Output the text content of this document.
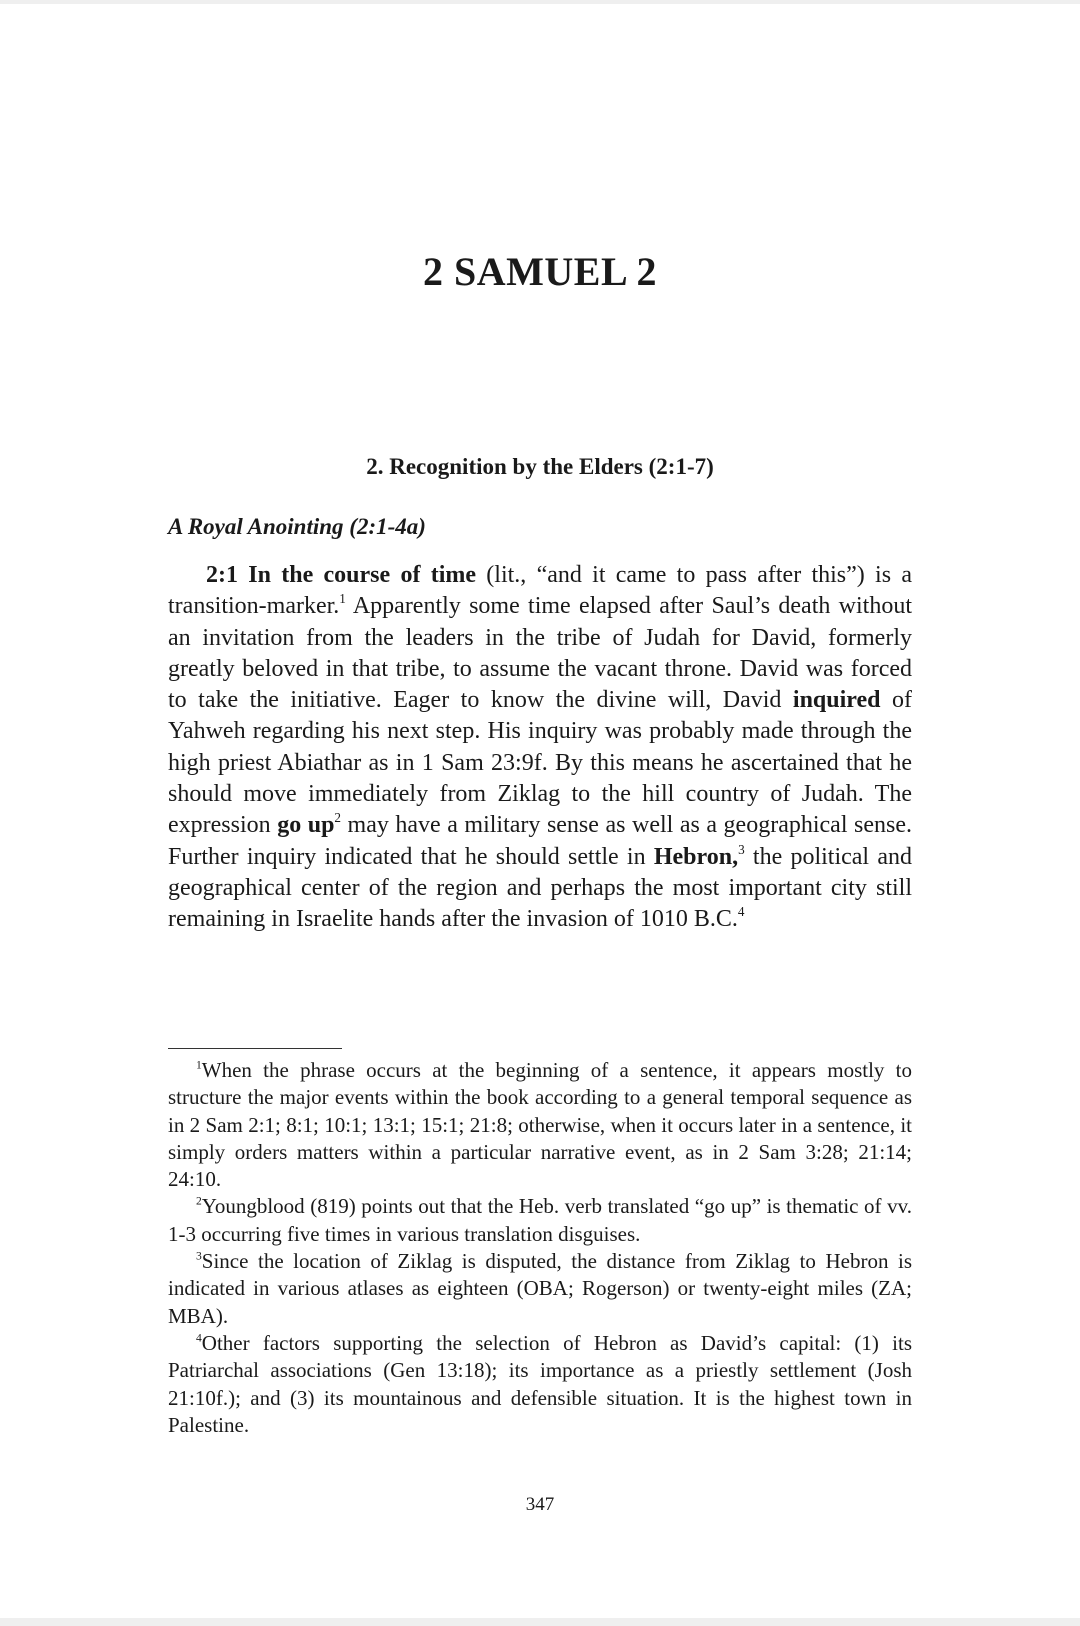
2 SAMUEL 2
2. Recognition by the Elders (2:1-7)
A Royal Anointing (2:1-4a)

2:1 In the course of time (lit., “and it came to pass after this”) is a transition-marker.$^1$ Apparently some time elapsed after Saul’s death without an invitation from the leaders in the tribe of Judah for David, formerly greatly beloved in that tribe, to assume the vacant throne. David was forced to take the initiative. Eager to know the divine will, David inquired of Yahweh regarding his next step. His inquiry was probably made through the high priest Abiathar as in 1 Sam 23:9f. By this means he ascertained that he should move immediately from Ziklag to the hill country of Judah. The expression go $up^2$ may have a military sense as well as a geographical sense. Further inquiry indicated that he should settle in Hebron,$^3$ the political and geographical center of the region and perhaps the most important city still remaining in Israelite hands after the invasion of 1010 B.C.$^4$

$^1$When the phrase occurs at the beginning of a sentence, it appears mostly to structure the major events within the book according to a general temporal sequence as in 2 Sam 2:1; 8:1; 10:1; 13:1; 15:1; 21:8; otherwise, when it occurs later in a sentence, it simply orders matters within a particular narrative event, as in 2 Sam 3:28; 21:14; 24:10.

$^2$Youngblood (819) points out that the Heb. verb translated “go up” is thematic of vv. 1-3 occurring five times in various translation disguises.

$^3$Since the location of Ziklag is disputed, the distance from Ziklag to Hebron is indicated in various atlases as eighteen (OBA; Rogerson) or twenty-eight miles (ZA; MBA).

$^4$Other factors supporting the selection of Hebron as David’s capital: (1) its Patriarchal associations (Gen 13:18); its importance as a priestly settlement (Josh 21:10f.); and (3) its mountainous and defensible situation. It is the highest town in Palestine.

347
